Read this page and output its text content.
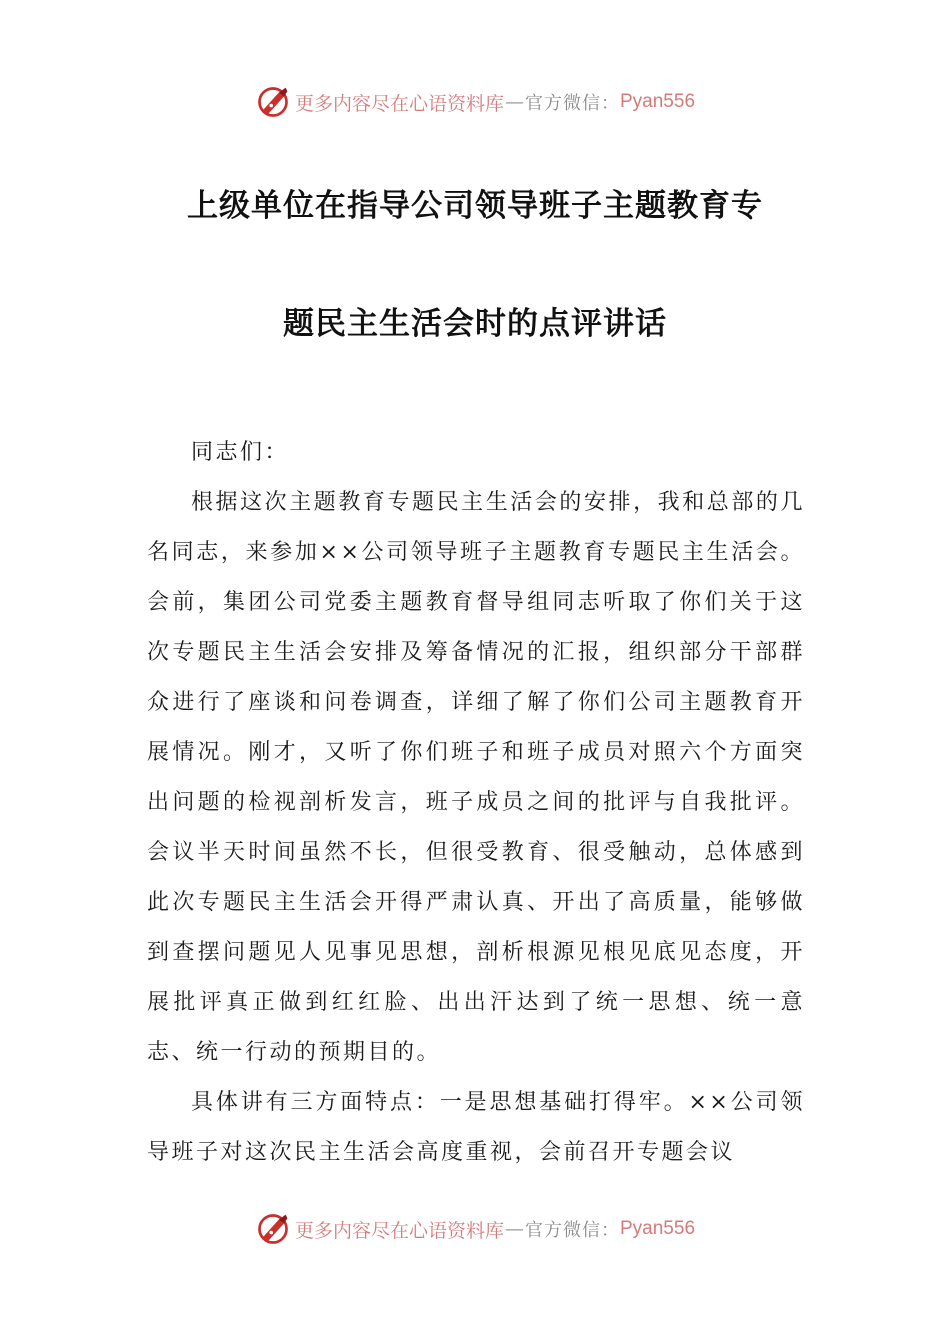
更多内容尽在心语资料库 — 官方微信： Pyan556
上级单位在指导公司领导班子主题教育专
题民主生活会时的点评讲话

同志们：

根据这次主题教育专题民主生活会的安排，我和总部的几名同志，来参加××公司领导班子主题教育专题民主生活会。会前，集团公司党委主题教育督导组同志听取了你们关于这次专题民主生活会安排及筹备情况的汇报，组织部分干部群众进行了座谈和问卷调查，详细了解了你们公司主题教育开展情况。刚才，又听了你们班子和班子成员对照六个方面突出问题的检视剖析发言，班子成员之间的批评与自我批评。会议半天时间虽然不长，但很受教育、很受触动，总体感到此次专题民主生活会开得严肃认真、开出了高质量，能够做到查摆问题见人见事见思想，剖析根源见根见底见态度，开展批评真正做到红红脸、出出汗达到了统一思想、统一意志、统一行动的预期目的。

具体讲有三方面特点：一是思想基础打得牢。××公司领导班子对这次民主生活会高度重视，会前召开专题会议

更多内容尽在心语资料库 — 官方微信： Pyan556
